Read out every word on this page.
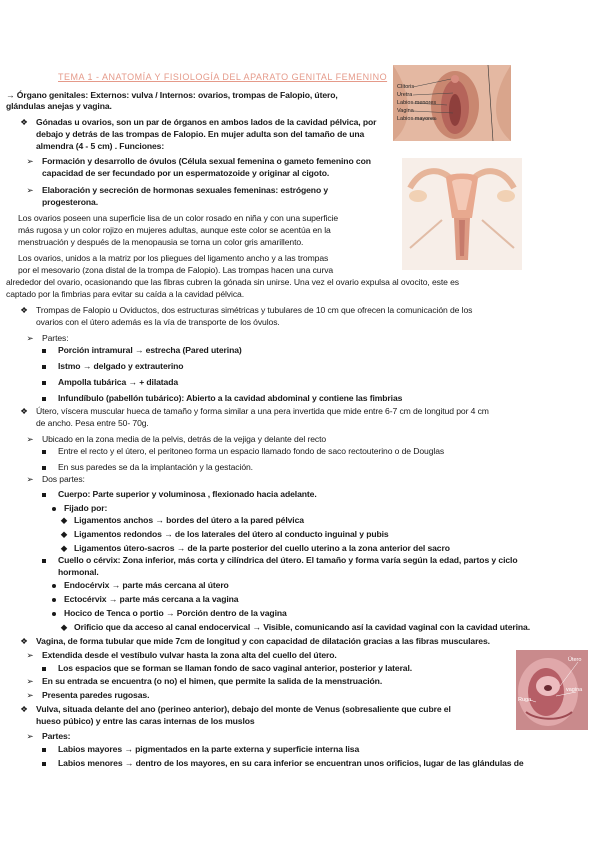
TEMA 1 - ANATOMÍA Y FISIOLOGÍA DEL APARATO GENITAL FEMENINO
Clítoris
Uretra
Labios menores
Vagina
Labios mayores
Útero
vagina
Ruga
→ Órgano genitales: Externos: vulva / Internos: ovarios, trompas de Falopio, útero,
glándulas anejas y vagina.
❖ Gónadas u ovarios, son un par de órganos en ambos lados de la cavidad pélvica, por
debajo y detrás de las trompas de Falopio. En mujer adulta son del tamaño de una
almendra (4 - 5 cm) . Funciones:
➢ Formación y desarrollo de óvulos (Célula sexual femenina o gameto femenino con
capacidad de ser fecundado por un espermatozoide y originar al cigoto.
➢ Elaboración y secreción de hormonas sexuales femeninas: estrógeno y
progesterona.
Los ovarios poseen una superficie lisa de un color rosado en niña y con una superficie
más rugosa y un color rojizo en mujeres adultas, aunque este color se acentúa en la
menstruación y después de la menopausia se torna un color gris amarillento.
Los ovarios, unidos a la matriz por los pliegues del ligamento ancho y a las trompas
por el mesovario (zona distal de la trompa de Falopio). Las trompas hacen una curva
alrededor del ovario, ocasionando que las fibras cubren la gónada sin unirse. Una vez el ovario expulsa al ovocito, este es
captado por la fimbrias para evitar su caída a la cavidad pélvica.
❖ Trompas de Falopio u Oviductos, dos estructuras simétricas y tubulares de 10 cm que ofrecen la comunicación de los
ovarios con el útero además es la vía de transporte de los óvulos.
➢ Partes:
Porción intramural → estrecha (Pared uterina)
Istmo → delgado y extrauterino
Ampolla tubárica → + dilatada
Infundíbulo (pabellón tubárico): Abierto a la cavidad abdominal y contiene las fimbrias
❖ Útero, víscera muscular hueca de tamaño y forma similar a una pera invertida que mide entre 6-7 cm de longitud por 4 cm
de ancho. Pesa entre 50- 70g.
➢ Ubicado en la zona media de la pelvis, detrás de la vejiga y delante del recto
Entre el recto y el útero, el peritoneo forma un espacio llamado fondo de saco rectouterino o de Douglas
En sus paredes se da la implantación y la gestación.
➢ Dos partes:
Cuerpo: Parte superior y voluminosa , flexionado hacia adelante.
Fijado por:
◆ Ligamentos anchos → bordes del útero a la pared pélvica
◆ Ligamentos redondos → de los laterales del útero al conducto inguinal y pubis
◆ Ligamentos útero-sacros → de la parte posterior del cuello uterino a la zona anterior del sacro
Cuello o cérvix: Zona inferior, más corta y cilíndrica del útero. El tamaño y forma varía según la edad, partos y ciclo
hormonal.
Endocérvix → parte más cercana al útero
Ectocérvix → parte más cercana a la vagina
Hocico de Tenca o portio → Porción dentro de la vagina
◆ Orificio que da acceso al canal endocervical → Visible, comunicando así la cavidad vaginal con la cavidad uterina.
❖ Vagina, de forma tubular que mide 7cm de longitud y con capacidad de dilatación gracias a las fibras musculares.
➢ Extendida desde el vestíbulo vulvar hasta la zona alta del cuello del útero.
Los espacios que se forman se llaman fondo de saco vaginal anterior, posterior y lateral.
➢ En su entrada se encuentra (o no) el himen, que permite la salida de la menstruación.
➢ Presenta paredes rugosas.
❖ Vulva, situada delante del ano (perineo anterior), debajo del monte de Venus (sobresaliente que cubre el
hueso púbico) y entre las caras internas de los muslos
➢ Partes:
Labios mayores → pigmentados en la parte externa y superficie interna lisa
Labios menores → dentro de los mayores, en su cara inferior se encuentran unos orificios, lugar de las glándulas de
